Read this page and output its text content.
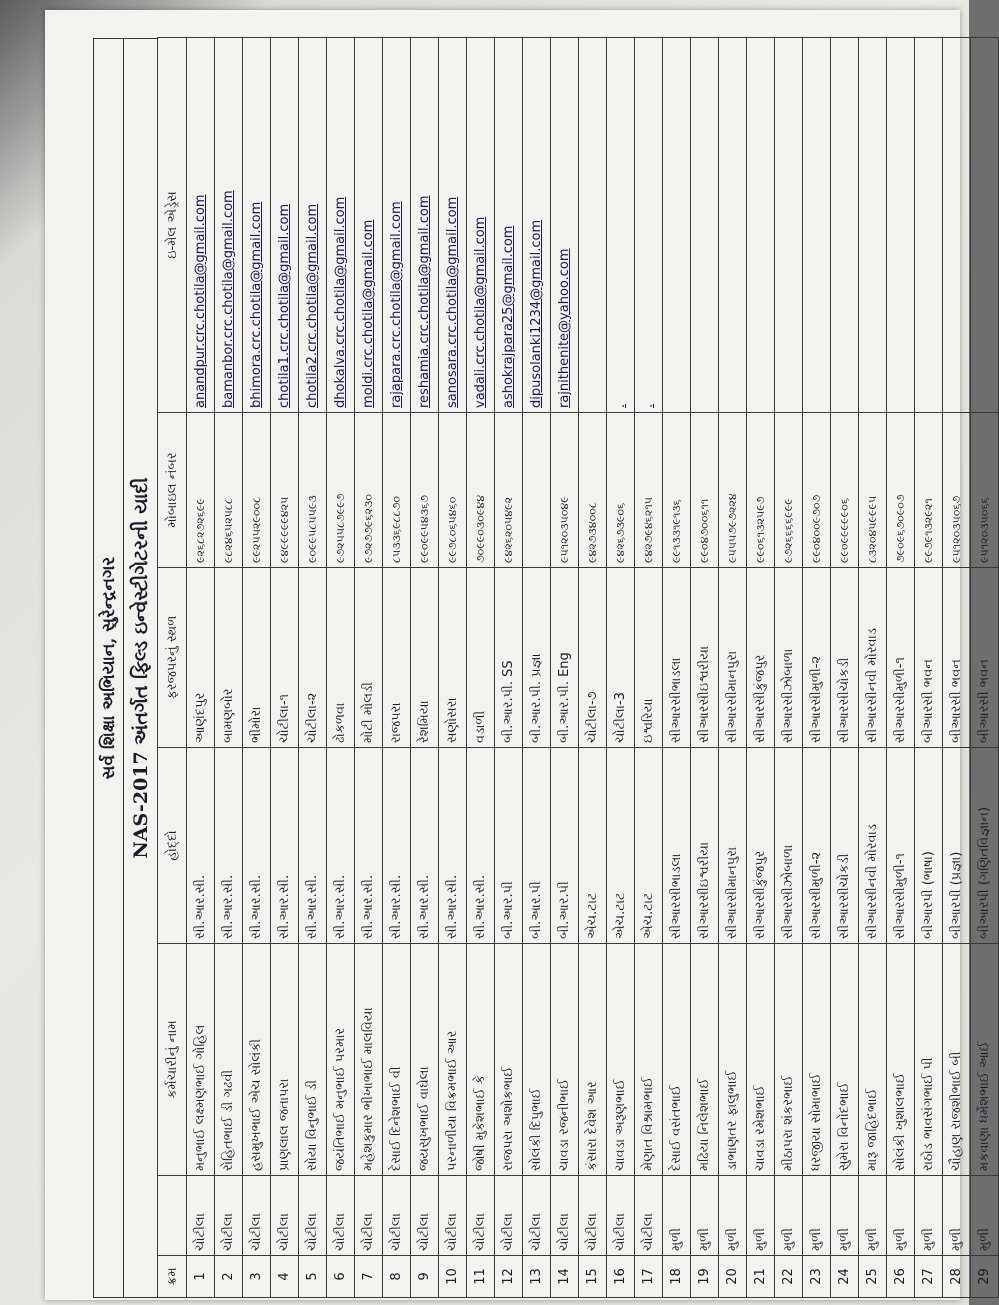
સર્વ શિક્ષા અભિયાન, સુરેન્દ્રનગર NAS-2017 અંતર્ગત ફિલ્ડ ઇન્વેસ્ટીગેટરની યાદી
ક્રમ		કર્મચારીનું નામ	હોદ્દો	ફરજપરનું સ્થળ	મોબાઇલ નંબર	ઇ-મેલ એડ્રેસ
1	ચોટીલા	મનુભાઈ લક્ષ્મણભાઈ ગોહિલ	સી.આર.સી.	આણંદપુર	૯૨૬૮૨૭૨૬૯૯	anandpur.crc.chotila@gmail.com
2	ચોટીલા	રોહિતભાઈ ડી ગઢવી	સી.આર.સી.	બામણબોર	૯૮૨૪૬૫૨૫૮૮	bamanbor.crc.chotila@gmail.com
3	ચોટીલા	હસમુખભાઈ એચ સોલંકી	સી.આર.સી.	ભીમોરા	૯૯૨૫૫૨૯૦૦૮	bhimora.crc.chotila@gmail.com
4	ચોટીલા	પ્રાણલાલ જતાપરા	સી.આર.સી.	ચોટીલા-૧	૯૪૯૯૯૯૯૪૨૫	chotila1.crc.chotila@gmail.com
5	ચોટીલા	સોયા વિનુભાઈ ડી	સી.આર.સી.	ચોટીલા-૨	૯૦૯૯૫૮૫૫૯૩	chotila2.crc.chotila@gmail.com
6	ચોટીલા	જયંતિભાઈ મનુભાઈ પરમાર	સી.આર.સી.	ઢોકળવા	૯૭૨૫૫૮૭૯૯૭	dhokalva.crc.chotila@gmail.com
7	ચોટીલા	મહેશકુમાર ભીખાભાઈ માલવિયા	સી.આર.સી.	મોટી મોલડી	૯૭૨૭૭૯૬૨૩૦	moldi.crc.chotila@gmail.com
8	ચોટીલા	દેસાઈ દિનેશભાઈ વી	સી.આર.સી.	રાજપરા	૮૫૩૩૬૯૮૮૭૦	rajapara.crc.chotila@gmail.com
9	ચોટીલા	જયસુખભાઈ વાઘેલા	સી.આર.સી.	રેશમિયા	૯૯૦૯૯૫૪૩૬૭	reshamia.crc.chotila@gmail.com
10	ચોટીલા	પરનાળીયા વિક્રમભાઈ આર	સી.આર.સી.	સણોસરા	૯૯૭૮૦૬૫૪૬૦	sanosara.crc.chotila@gmail.com
11	ચોટીલા	જોષી મુકેશભાઈ કે	સી.આર.સી.	વડાળી	૭૦૯૯૦૩૦૯૪૪	vadali.crc.chotila@gmail.com
12	ચોટીલા	રાજપરા અશોકભાઈ	બી.આર.પી	બી.આર.પી. SS	૯૪૨૬૨૦૫૪૯૨	ashokrajpara25@gmail.com
13	ચોટીલા	સોલંકી દિપુભાઈ	બી.આર.પી	બી.આર.પી. પ્રજ્ઞા		dipusolanki1234@gmail.com
14	ચોટીલા	ચાવડા રજનીભાઈ	બી.આર.પી	બી.આર.પી. Eng	૯૫૧૨૦૩૫૦૪૯	rajnithenite@yahoo.com
15	ચોટીલા	કંસારા દેવેશ આર	એચ.ટાટ	ચોટીલા-૭	૯૪૨૭૩૪૦૦૮	
16	ચોટીલા	ચાવડા અરૂણભાઈ	એચ.ટાટ	ચોટીલા-3	૯૪૨૬૭૩૯૦૬	.
17	ચોટીલા	મેણાત વિશ્રામભાઈ	એચ.ટાટ	ઇશ્વરિયા	૯૪૨૭૯૪૬૨૧૫	.
18	મુળી	દેસાઈ વસંતભાઈ	સીઆરસીભાડલા	સીઆરસીભાડલા	૯૯૧૩૩૧૯૧૩૬	
19	મુળી	મઢિયા નિલેશભાઈ	સીઆરસીઇશ્વરીયા	સીઆરસીઇશ્વરીયા	૯૯૦૪૭૦૦૬૧૧	
20	મુળી	ડાભાણતર ફાલુભાઈ	સીઆરસીમાનપુરા	સીઆરસીમાનપુરા	૯૫૫૫૭૯૭૨૨૪	
21	મુળી	ચાવડા રમેશભાઈ	સીઆરસીકુંજપુર	સીઆરસીકુંજપુર	૯૯૦૬૧૩૨૫૯૭	
22	મુળી	મીઠાપરા શંકરભાઈ	સીઆરસીઝોબાળા	સીઆરસીઝોબાળા	૯૭૨૬૬૬૬૯૯૯	
23	મુળી	ધરજીયા સોમાભાઈ	સીઆરસીમુળી-૨	સીઆરસીમુળી-૨	૯૯૦૪૦૦૯૭૦૭	
24	મુળી	સુમેરા વિનોદભાઈ	સીઆરસીચોકડી	સીઆરસીચોકડી	૯૯૦૯૯૯૯૯૦૬	
25	મુળી	મારૂ જાહિદભાઈ	સીઆરસીનવી મોરવાડ	સીઆરસીનવી મોરવાડ	૮૩૨૦૪૫૯૯૯૫	
26	મુળી	સોલંકી ખુશાલભાઈ	સીઆરસીમુળી-૧	સીઆરસીમુળી-૧	૭૯૦૯૬૭૦૯૦૭	
27	મુળી	રાઠોડ ભાવસંગભાઈ પી	બીઆરપી (ભાષા)	બીઆરસી ભવન	૯૯૭૯૧૩૨૯૨૧	
28	મુળી	ચૌહાણ રાજશીભાઈ બી	બીઆરપી (પ્રજ્ઞા)	બીઆરસી ભવન	૯૫૧૨૦૩૫૦૬૭	
29	મુળી	મકવાણા ધર્મેશભાઈ આઈ	બીઆરપી (ગણિતવિજ્ઞાન)	બીઆરસી ભવન	૯૫૧૨૦૩૫૦૬૬	
